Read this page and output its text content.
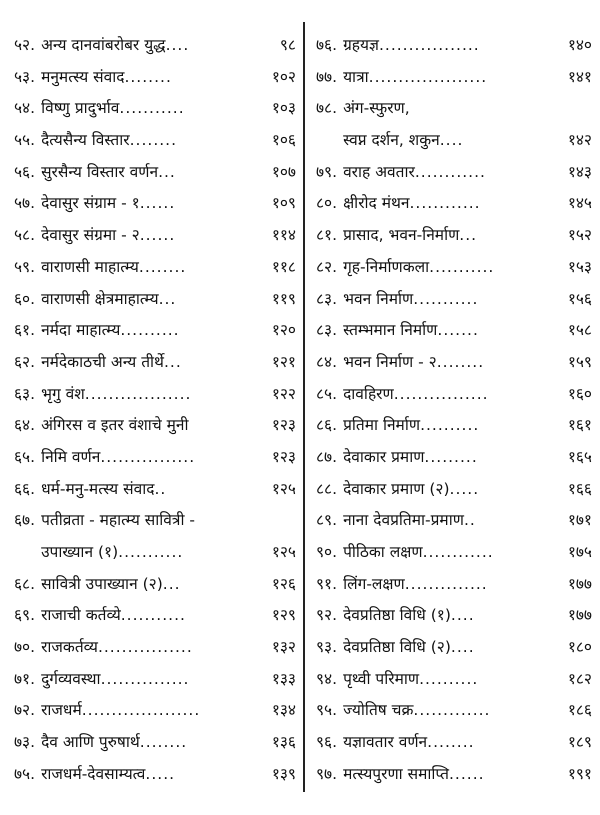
५२. अन्य दानवांबरोबर युद्ध ....	९८
५३. मनुमत्स्य संवाद ........	१०२
५४. विष्णु प्रादुर्भाव ...........	१०३
५५. दैत्यसैन्य विस्तार ........	१०६
५६. सुरसैन्य विस्तार वर्णन ...	१०७
५७. देवासुर संग्राम - १ ......	१०९
५८. देवासुर संग्रमा - २ ......	११४
५९. वाराणसी माहात्म्य ........	११८
६०. वाराणसी क्षेत्रमाहात्म्य ...	११९
६१. नर्मदा माहात्म्य ..........	१२०
६२. नर्मदेकाठची अन्य तीर्थे ...	१२१
६३. भृगु वंश ..................	१२२
६४. अंगिरस व इतर वंशाचे मुनी	१२३
६५. निमि वर्णन ................	१२३
६६. धर्म-मनु-मत्स्य संवाद ..	१२५
६७. पतीव्रता - महात्म्य सावित्री -
उपाख्यान (१) ...........	१२५
६८. सावित्री उपाख्यान (२) ...	१२६
६९. राजाची कर्तव्ये ...........	१२९
७०. राजकर्तव्य ................	१३२
७१. दुर्गव्यवस्था ...............	१३३
७२. राजधर्म ....................	१३४
७३. दैव आणि पुरुषार्थ ........	१३६
७५. राजधर्म-देवसाम्यत्व .....	१३९
७६. ग्रहयज्ञ .................	१४०
७७. यात्रा ....................	१४१
७८. अंग-स्फुरण,
स्वप्न दर्शन, शकुन ....	१४२
७९. वराह अवतार ............	१४३
८०. क्षीरोद मंथन ............	१४५
८१. प्रासाद, भवन-निर्माण ...	१५२
८२. गृह-निर्माणकला ...........	१५३
८३. भवन निर्माण ...........	१५६
८३. स्तम्भमान निर्माण .......	१५८
८४. भवन निर्माण - २ ........	१५९
८५. दावहिरण ................	१६०
८६. प्रतिमा निर्माण ..........	१६१
८७. देवाकार प्रमाण .........	१६५
८८. देवाकार प्रमाण (२) .....	१६६
८९. नाना देवप्रतिमा-प्रमाण ..	१७१
९०. पीठिका लक्षण ............	१७५
९१. लिंग-लक्षण ..............	१७७
९२. देवप्रतिष्ठा विधि (१) ....	१७७
९३. देवप्रतिष्ठा विधि (२) ....	१८०
९४. पृथ्वी परिमाण ..........	१८२
९५. ज्योतिष चक्र .............	१८६
९६. यज्ञावतार वर्णन ........	१८९
९७. मत्स्यपुरणा समाप्ति ......	१९१
